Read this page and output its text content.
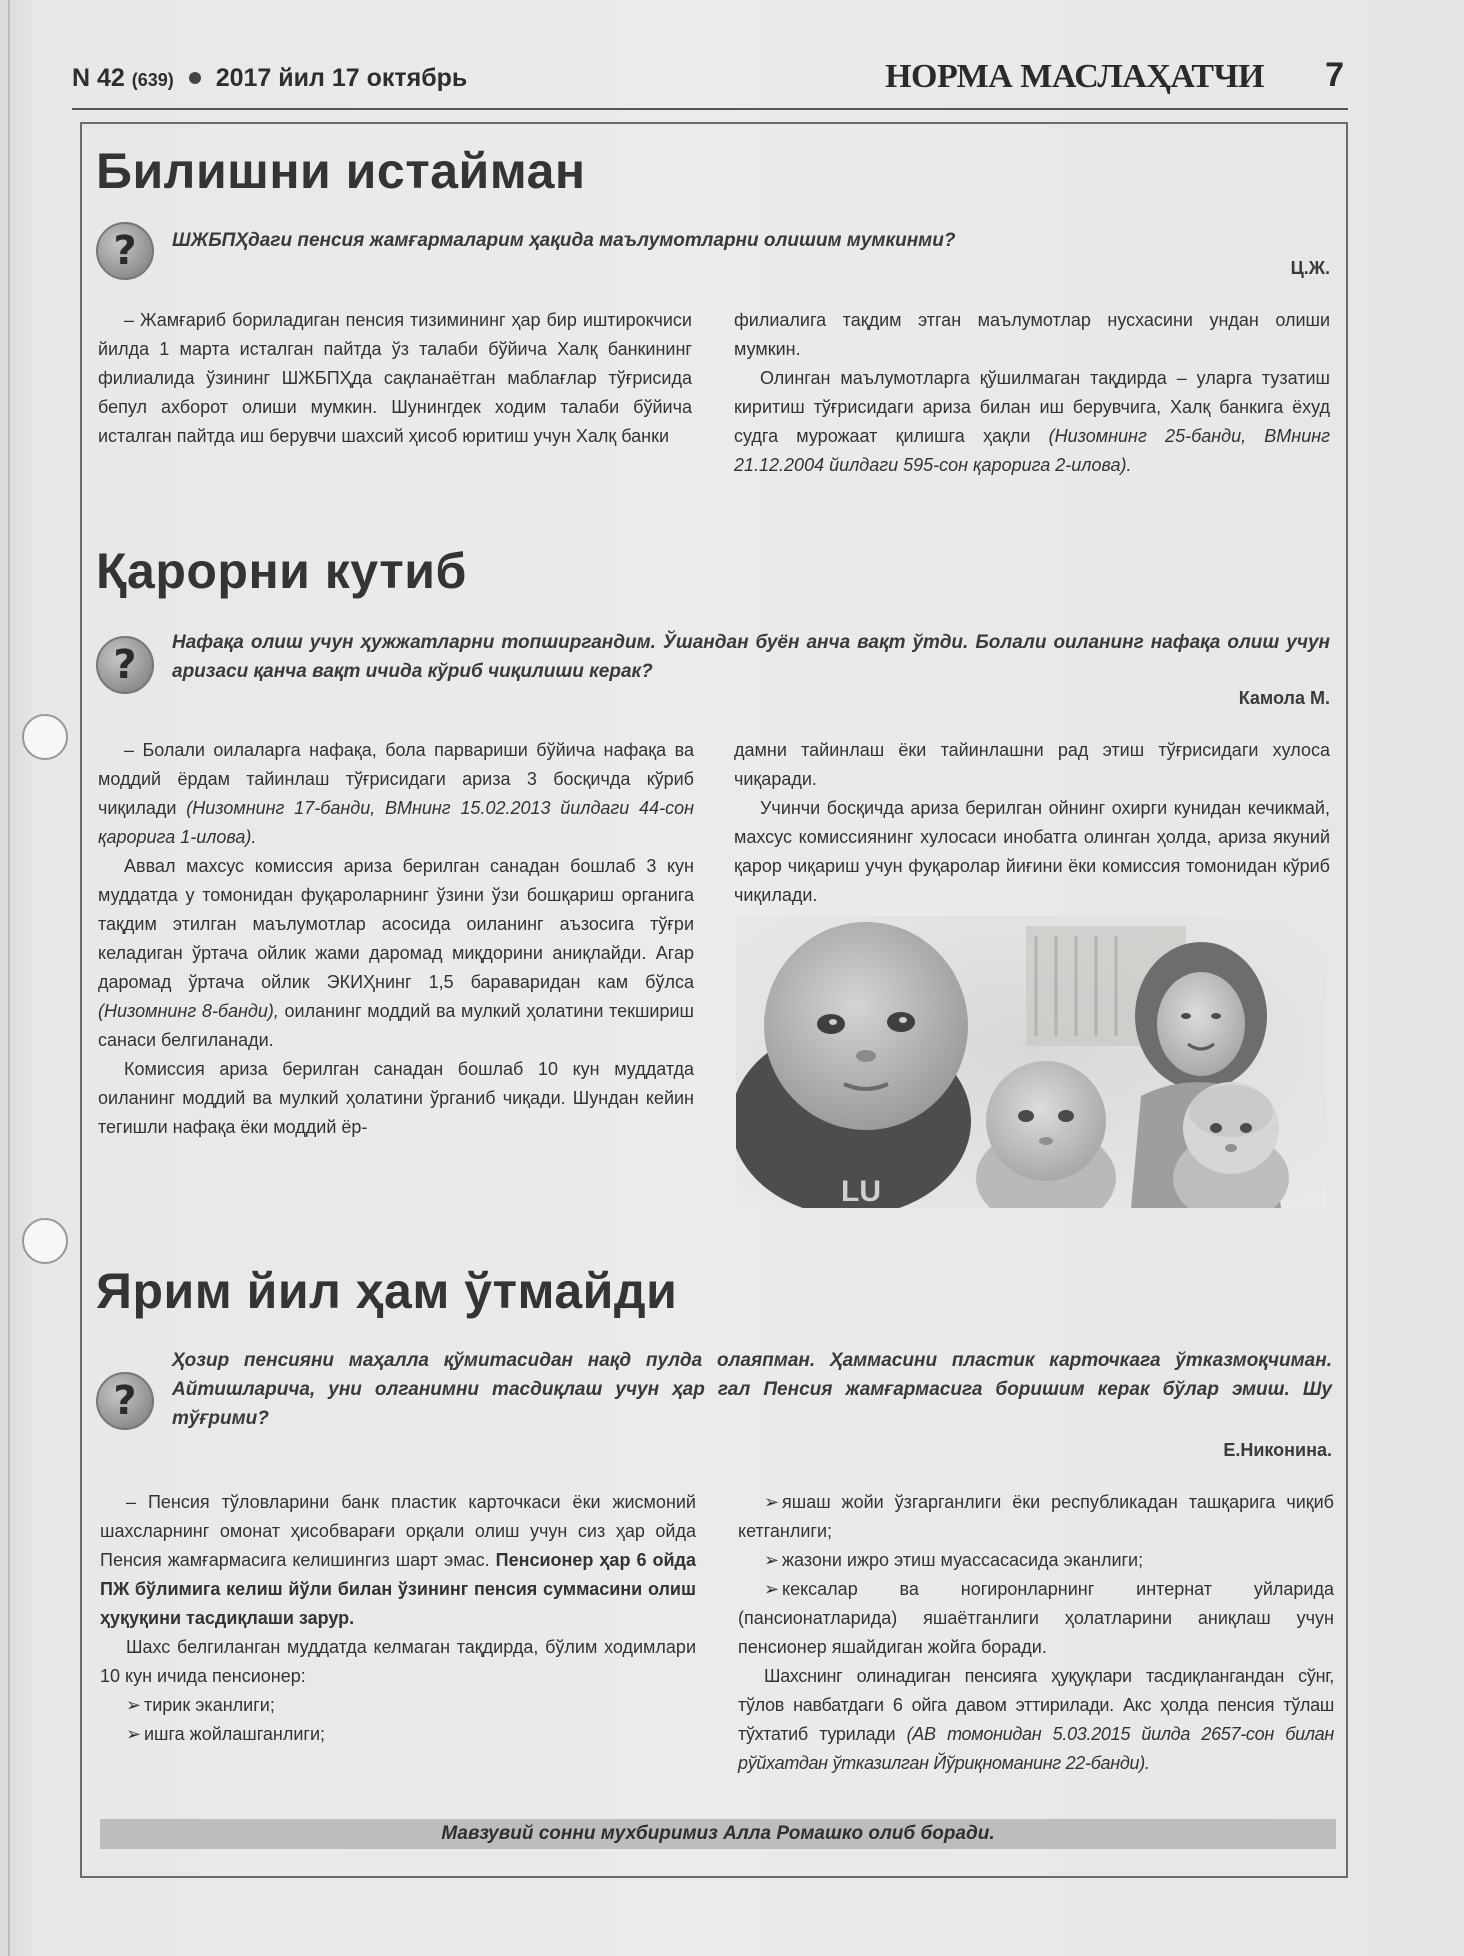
N 42 (639) 2017 йил 17 октябрь	НОРМА МАСЛАҲАТЧИ 7
Билишни истайман
?	ШЖБПҲдаги пенсия жамғармаларим ҳақида маълумотларни олишим мумкинми?
Ц.Ж.

– Жамғариб бориладиган пенсия тизимининг ҳар бир иштирокчиси йилда 1 марта исталган пайтда ўз талаби бўйича Халқ банкининг филиалида ўзининг ШЖБПҲда сақланаётган маблағлар тўғрисида бепул ахборот олиши мумкин. Шунингдек ходим талаби бўйича исталган пайтда иш берувчи шахсий ҳисоб юритиш учун Халқ банки

филиалига тақдим этган маълумотлар нусхасини ундан олиши мумкин.

Олинган маълумотларга қўшилмаган тақдирда – уларга тузатиш киритиш тўғрисидаги ариза билан иш берувчига, Халқ банкига ёхуд судга мурожаат қилишга ҳақли (Низомнинг 25-банди, ВМнинг 21.12.2004 йилдаги 595-сон қарорига 2-илова).

Қарорни кутиб
?	Нафақа олиш учун ҳужжатларни топширгандим. Ўшандан буён анча вақт ўтди. Болали оиланинг нафақа олиш учун аризаси қанча вақт ичида кўриб чиқилиши керак?
Камола М.

– Болали оилаларга нафақа, бола парвариши бўйича нафақа ва моддий ёрдам тайинлаш тўғрисидаги ариза 3 босқичда кўриб чиқилади (Низомнинг 17-банди, ВМнинг 15.02.2013 йилдаги 44-сон қарорига 1-илова).

Аввал махсус комиссия ариза берилган санадан бошлаб 3 кун муддатда у томонидан фуқароларнинг ўзини ўзи бошқариш органига тақдим этилган маълумотлар асосида оиланинг аъзосига тўғри келадиган ўртача ойлик жами даромад миқдорини аниқлайди. Агар даромад ўртача ойлик ЭКИҲнинг 1,5 бараваридан кам бўлса (Низомнинг 8-банди), оиланинг моддий ва мулкий ҳолатини текшириш санаси белгиланади.

Комиссия ариза берилган санадан бошлаб 10 кун муддатда оиланинг моддий ва мулкий ҳолатини ўрганиб чиқади. Шундан кейин тегишли нафақа ёки моддий ёр-

дамни тайинлаш ёки тайинлашни рад этиш тўғрисидаги хулоса чиқаради.

Учинчи босқичда ариза берилган ойнинг охирги кунидан кечикмай, махсус комиссиянинг хулосаси инобатга олинган ҳолда, ариза якуний қарор чиқариш учун фуқаролар йиғини ёки комиссия томонидан кўриб чиқилади.

LU
Ярим йил ҳам ўтмайди
?
Ҳозир пенсияни маҳалла қўмитасидан нақд пулда олаяпман. Ҳаммасини пластик карточкага ўтказмоқчиман. Айтишларича, уни олганимни тасдиқлаш учун ҳар гал Пенсия жамғармасига боришим керак бўлар эмиш. Шу тўғрими?
Е.Никонина.

– Пенсия тўловларини банк пластик карточкаси ёки жисмоний шахсларнинг омонат ҳисобварағи орқали олиш учун сиз ҳар ойда Пенсия жамғармасига келишингиз шарт эмас. Пенсионер ҳар 6 ойда ПЖ бўлимига келиш йўли билан ўзининг пенсия суммасини олиш ҳуқуқини тасдиқлаши зарур.

Шахс белгиланган муддатда келмаган тақдирда, бўлим ходимлари 10 кун ичида пенсионер:

➢ тирик эканлиги;

➢ ишга жойлашганлиги;

➢ яшаш жойи ўзгарганлиги ёки республикадан ташқарига чиқиб кетганлиги;

➢ жазони ижро этиш муассасасида эканлиги;

➢ кексалар ва ногиронларнинг интернат уйларида (пансионатларида) яшаётганлиги ҳолатларини аниқлаш учун пенсионер яшайдиган жойга боради.

Шахснинг олинадиган пенсияга ҳуқуқлари тасдиқлангандан сўнг, тўлов навбатдаги 6 ойга давом эттирилади. Акс ҳолда пенсия тўлаш тўхтатиб турилади (АВ томонидан 5.03.2015 йилда 2657-сон билан рўйхатдан ўтказилган Йўриқноманинг 22-банди).

Мавзувий сонни мухбиримиз Алла Ромашко олиб боради.
